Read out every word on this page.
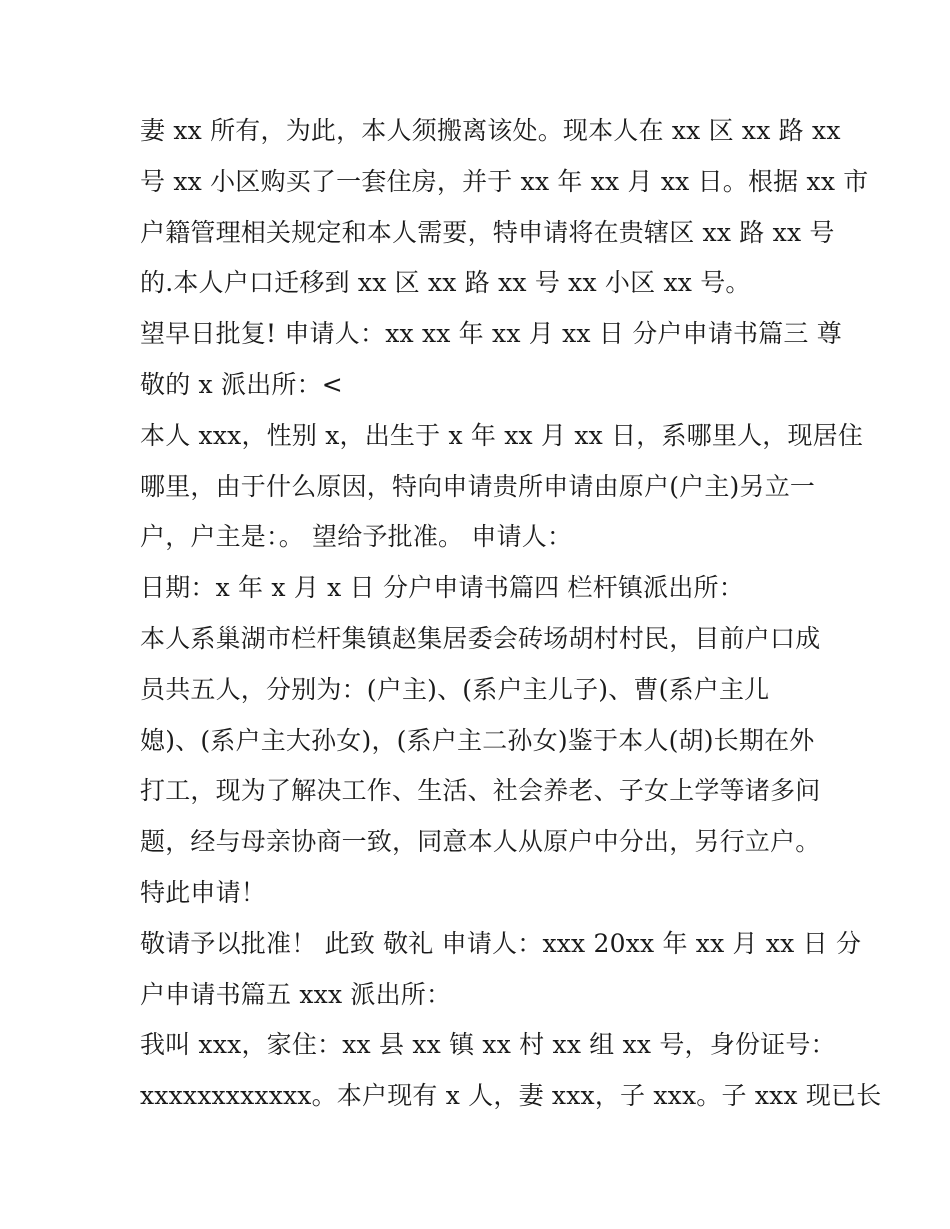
妻 xx 所有，为此，本人须搬离该处。现本人在 xx 区 xx 路 xx
号 xx 小区购买了一套住房，并于 xx 年 xx 月 xx 日。根据 xx 市
户籍管理相关规定和本人需要，特申请将在贵辖区 xx 路 xx 号
的.本人户口迁移到 xx 区 xx 路 xx 号 xx 小区 xx 号。
望早日批复! 申请人：xx xx 年 xx 月 xx 日 分户申请书篇三 尊
敬的 x 派出所：<
本人 xxx，性别 x，出生于 x 年 xx 月 xx 日，系哪里人，现居住
哪里，由于什么原因，特向申请贵所申请由原户(户主)另立一
户，户主是：。 望给予批准。 申请人：
日期：x 年 x 月 x 日 分户申请书篇四 栏杆镇派出所：
本人系巢湖市栏杆集镇赵集居委会砖场胡村村民，目前户口成
员共五人，分别为：(户主)、(系户主儿子)、曹(系户主儿
媳)、(系户主大孙女)，(系户主二孙女)鉴于本人(胡)长期在外
打工，现为了解决工作、生活、社会养老、子女上学等诸多问
题，经与母亲协商一致，同意本人从原户中分出，另行立户。
特此申请！
敬请予以批准！ 此致 敬礼 申请人：xxx 20xx 年 xx 月 xx 日 分
户申请书篇五 xxx 派出所：
我叫 xxx，家住：xx 县 xx 镇 xx 村 xx 组 xx 号，身份证号：
xxxxxxxxxxxx。本户现有 x 人，妻 xxx，子 xxx。子 xxx 现已长
